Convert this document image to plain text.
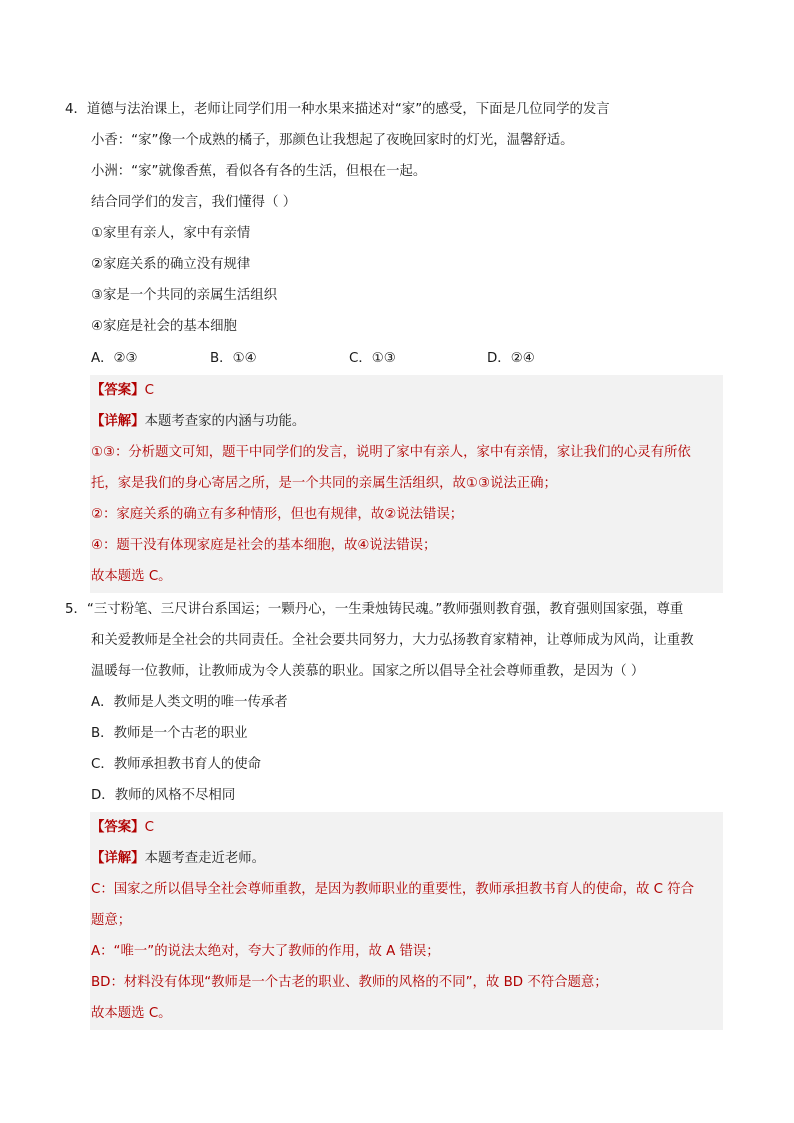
4．道德与法治课上，老师让同学们用一种水果来描述对“家”的感受，下面是几位同学的发言
小香：“家”像一个成熟的橘子，那颜色让我想起了夜晚回家时的灯光，温馨舒适。
小洲：“家”就像香蕉，看似各有各的生活，但根在一起。
结合同学们的发言，我们懂得（ ）
①家里有亲人，家中有亲情
②家庭关系的确立没有规律
③家是一个共同的亲属生活组织
④家庭是社会的基本细胞
A．②③	B．①④	C．①③	D．②④
【答案】C
【详解】本题考查家的内涵与功能。
①③：分析题文可知，题干中同学们的发言，说明了家中有亲人，家中有亲情，家让我们的心灵有所依
托，家是我们的身心寄居之所，是一个共同的亲属生活组织，故①③说法正确；
②：家庭关系的确立有多种情形，但也有规律，故②说法错误；
④：题干没有体现家庭是社会的基本细胞，故④说法错误；
故本题选 C。
5．“三寸粉笔、三尺讲台系国运；一颗丹心，一生秉烛铸民魂。”教师强则教育强，教育强则国家强，尊重
和关爱教师是全社会的共同责任。全社会要共同努力，大力弘扬教育家精神，让尊师成为风尚，让重教
温暖每一位教师，让教师成为令人羡慕的职业。国家之所以倡导全社会尊师重教，是因为（ ）
A．教师是人类文明的唯一传承者
B．教师是一个古老的职业
C．教师承担教书育人的使命
D．教师的风格不尽相同
【答案】C
【详解】本题考查走近老师。
C：国家之所以倡导全社会尊师重教，是因为教师职业的重要性，教师承担教书育人的使命，故 C 符合
题意；
A：“唯一”的说法太绝对，夸大了教师的作用，故 A 错误；
BD：材料没有体现“教师是一个古老的职业、教师的风格的不同”，故 BD 不符合题意；
故本题选 C。
